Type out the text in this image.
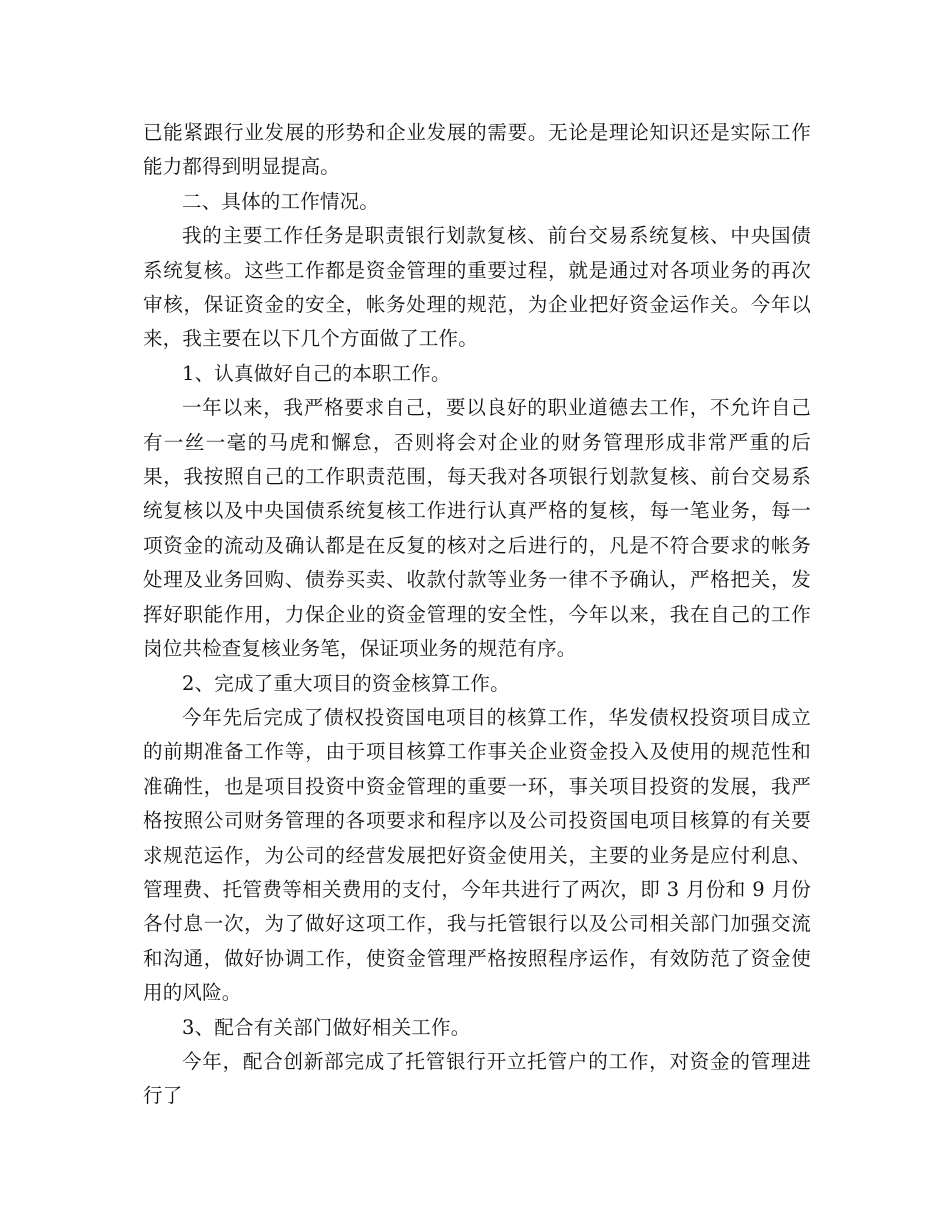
已能紧跟行业发展的形势和企业发展的需要。无论是理论知识还是实际工作能力都得到明显提高。

二、具体的工作情况。

我的主要工作任务是职责银行划款复核、前台交易系统复核、中央国债系统复核。这些工作都是资金管理的重要过程，就是通过对各项业务的再次审核，保证资金的安全，帐务处理的规范，为企业把好资金运作关。今年以来，我主要在以下几个方面做了工作。

1、认真做好自己的本职工作。

一年以来，我严格要求自己，要以良好的职业道德去工作，不允许自己有一丝一毫的马虎和懈怠，否则将会对企业的财务管理形成非常严重的后果，我按照自己的工作职责范围，每天我对各项银行划款复核、前台交易系统复核以及中央国债系统复核工作进行认真严格的复核，每一笔业务，每一项资金的流动及确认都是在反复的核对之后进行的，凡是不符合要求的帐务处理及业务回购、债券买卖、收款付款等业务一律不予确认，严格把关，发挥好职能作用，力保企业的资金管理的安全性，今年以来，我在自己的工作岗位共检查复核业务笔，保证项业务的规范有序。

2、完成了重大项目的资金核算工作。

今年先后完成了债权投资国电项目的核算工作，华发债权投资项目成立的前期准备工作等，由于项目核算工作事关企业资金投入及使用的规范性和准确性，也是项目投资中资金管理的重要一环，事关项目投资的发展，我严格按照公司财务管理的各项要求和程序以及公司投资国电项目核算的有关要求规范运作，为公司的经营发展把好资金使用关，主要的业务是应付利息、管理费、托管费等相关费用的支付，今年共进行了两次，即 3 月份和 9 月份各付息一次，为了做好这项工作，我与托管银行以及公司相关部门加强交流和沟通，做好协调工作，使资金管理严格按照程序运作，有效防范了资金使用的风险。

3、配合有关部门做好相关工作。

今年，配合创新部完成了托管银行开立托管户的工作，对资金的管理进行了
